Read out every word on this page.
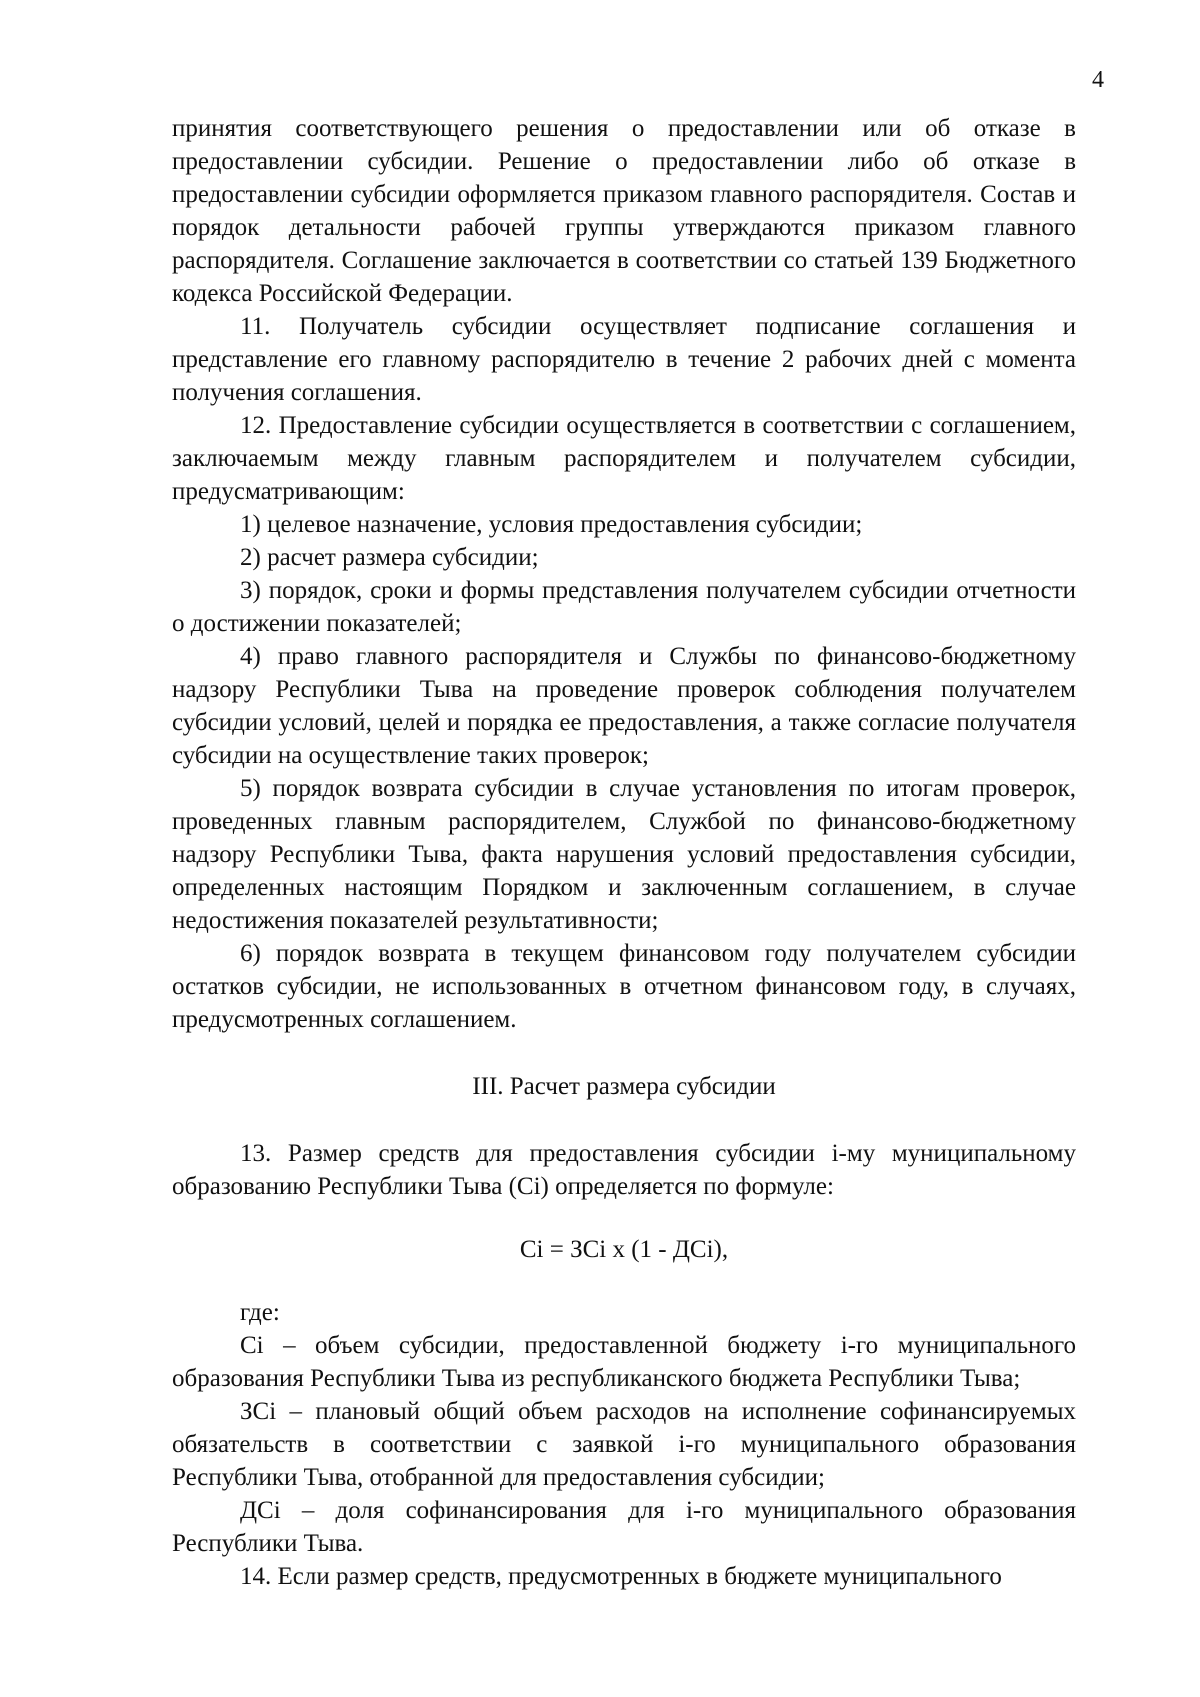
4

принятия соответствующего решения о предоставлении или об отказе в предоставлении субсидии. Решение о предоставлении либо об отказе в предоставлении субсидии оформляется приказом главного распорядителя. Состав и порядок детальности рабочей группы утверждаются приказом главного распорядителя. Соглашение заключается в соответствии со статьей 139 Бюджетного кодекса Российской Федерации.

11. Получатель субсидии осуществляет подписание соглашения и представление его главному распорядителю в течение 2 рабочих дней с момента получения соглашения.

12. Предоставление субсидии осуществляется в соответствии с соглашением, заключаемым между главным распорядителем и получателем субсидии, предусматривающим:

1) целевое назначение, условия предоставления субсидии;

2) расчет размера субсидии;

3) порядок, сроки и формы представления получателем субсидии отчетности о достижении показателей;

4) право главного распорядителя и Службы по финансово-бюджетному надзору Республики Тыва на проведение проверок соблюдения получателем субсидии условий, целей и порядка ее предоставления, а также согласие получателя субсидии на осуществление таких проверок;

5) порядок возврата субсидии в случае установления по итогам проверок, проведенных главным распорядителем, Службой по финансово-бюджетному надзору Республики Тыва, факта нарушения условий предоставления субсидии, определенных настоящим Порядком и заключенным соглашением, в случае недостижения показателей результативности;

6) порядок возврата в текущем финансовом году получателем субсидии остатков субсидии, не использованных в отчетном финансовом году, в случаях, предусмотренных соглашением.

III. Расчет размера субсидии

13. Размер средств для предоставления субсидии i-му муниципальному образованию Республики Тыва (Ci) определяется по формуле:

Ci = ЗCi x (1 - ДCi),

где:

Ci – объем субсидии, предоставленной бюджету i-го муниципального образования Республики Тыва из республиканского бюджета Республики Тыва;

ЗCi – плановый общий объем расходов на исполнение софинансируемых обязательств в соответствии с заявкой i-го муниципального образования Республики Тыва, отобранной для предоставления субсидии;

ДCi – доля софинансирования для i-го муниципального образования Республики Тыва.

14. Если размер средств, предусмотренных в бюджете муниципального
